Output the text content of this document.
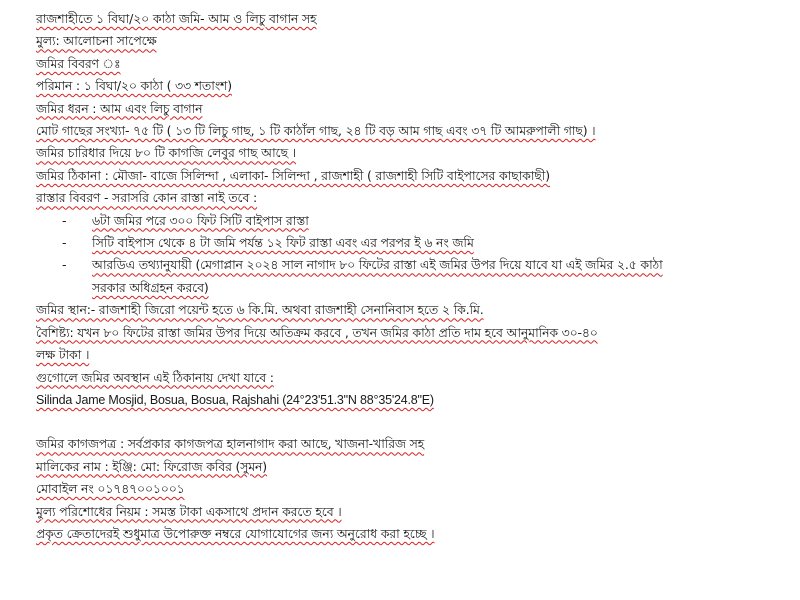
রাজশাহীতে ১ বিঘা/২০ কাঠা জমি- আম ও লিচু বাগান সহ
মুল্য: আলোচনা সাপেক্ষে
জমির বিবরণ ঃ
পরিমান : ১ বিঘা/২০ কাঠা ( ৩৩ শতাংশ)
জমির ধরন : আম এবং লিচু বাগান
মোট গাছের সংখ্যা- ৭৫ টি ( ১৩ টি লিচু গাছ, ১ টি কাঠাঁল গাছ, ২৪ টি বড় আম গাছ এবং ৩৭ টি আমরুপালী গাছ) ।
জমির চারিধার দিয়ে ৮০ টি কাগজি লেবুর গাছ আছে ।
জমির ঠিকানা : মৌজা- বাজে সিলিন্দা , এলাকা- সিলিন্দা , রাজশাহী ( রাজশাহী সিটি বাইপাসের কাছাকাছী)
রাস্তার বিবরণ - সরাসরি কোন রাস্তা নাই তবে :
- ৬টা জমির পরে ৩০০ ফিট সিটি বাইপাস রাস্তা
- সিটি বাইপাস থেকে ৪ টা জমি পর্যন্ত ১২ ফিট রাস্তা এবং এর পরপর ই ৬ নং জমি
- আরডিএ তথ্যানুযায়ী (মেগাপ্লান ২০২৪ সাল নাগাদ ৮০ ফিটের রাস্তা এই জমির উপর দিয়ে যাবে যা এই জমির ২.৫ কাঠা সরকার অধিগ্রহন করবে)
জমির স্থান:- রাজশাহী জিরো পয়েন্ট হতে ৬ কি.মি. অথবা রাজশাহী সেনানিবাস হতে ২ কি.মি.
বৈশিষ্ট্য: যখন ৮০ ফিটের রাস্তা জমির উপর দিয়ে অতিক্রম করবে , তখন জমির কাঠা প্রতি দাম হবে আনুমানিক ৩০-৪০
লক্ষ টাকা ।
গুগোলে জমির অবস্থান এই ঠিকানায় দেখা যাবে :
Silinda Jame Mosjid, Bosua, Bosua, Rajshahi (24°23'51.3"N 88°35'24.8"E)
জমির কাগজপত্র : সর্বপ্রকার কাগজপত্র হালনাগাদ করা আছে, খাজনা-খারিজ সহ
মালিকের নাম : ইঞ্জি: মো: ফিরোজ কবির (সুমন)
মোবাইল নং ০১৭৪৭০০১০০১
মুল্য পরিশোধের নিয়ম : সমস্ত টাকা একসাথে প্রদান করতে হবে ।
প্রকৃত ক্রেতাদেরই শুধুমাত্র উপোরুক্ত নম্বরে যোগাযোগের জন্য অনুরোধ করা হচ্ছে ।
